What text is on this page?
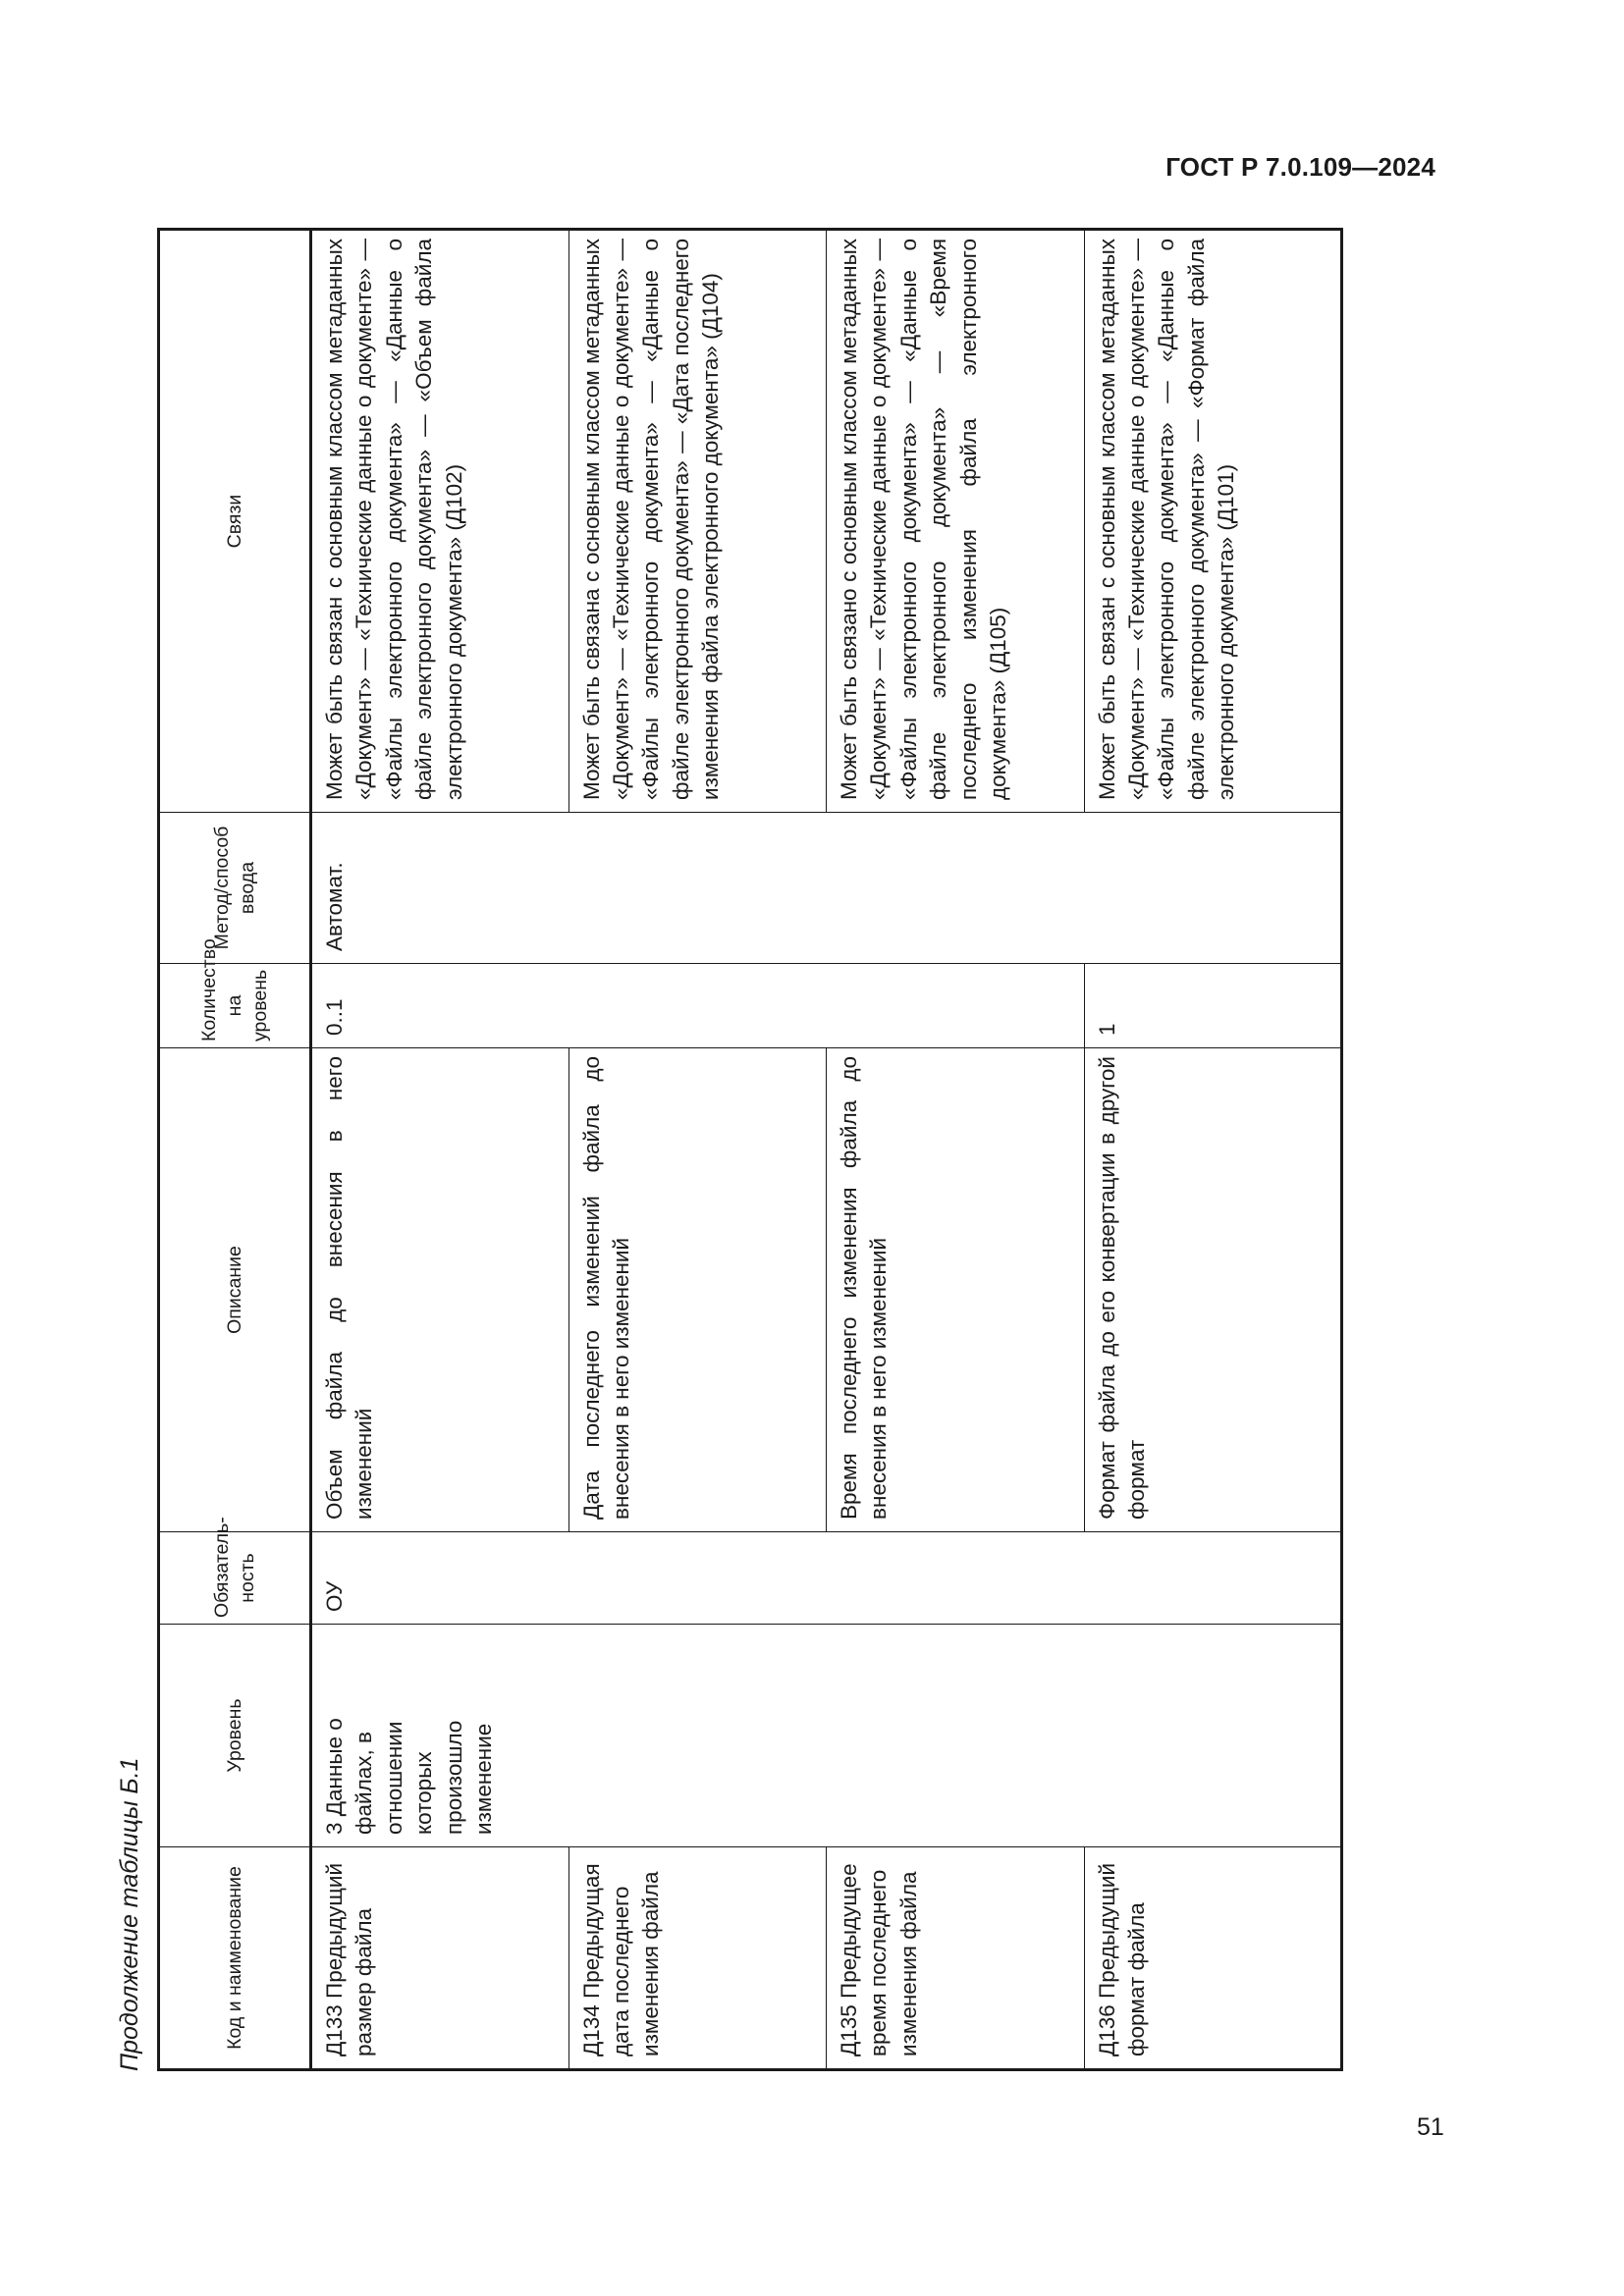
ГОСТ Р 7.0.109—2024
Продолжение таблицы Б.1	Код и наименование	Уровень	Обязатель-ность	Описание	Количество на уровень	Метод/способ ввода	Связи
Д133 Предыдущий размер файла	3 Данные о файлах, в отношении которых произошло изменение	ОУ	Объем файла до внесения в него изменений	0..1	Автомат.	Может быть связан с основным классом метаданных «Документ» — «Технические данные о документе» — «Файлы электронного документа» — «Данные о файле электронного документа» — «Объем файла электронного документа» (Д102)
Д134 Предыдущая дата последнего изменения файла			Дата последнего изменений файла до внесения в него изменений			Может быть связана с основным классом метаданных «Документ» — «Технические данные о документе» — «Файлы электронного документа» — «Данные о файле электронного документа» — «Дата последнего изменения файла электронного документа» (Д104)
Д135 Предыдущее время последнего изменения файла			Время последнего изменения файла до внесения в него изменений			Может быть связано с основным классом метаданных «Документ» — «Технические данные о документе» — «Файлы электронного документа» — «Данные о файле электронного документа» — «Время последнего изменения файла электронного документа» (Д105)
Д136 Предыдущий формат файла			Формат файла до его конвертации в другой формат	1		Может быть связан с основным классом метаданных «Документ» — «Технические данные о документе» — «Файлы электронного документа» — «Данные о файле электронного документа» — «Формат файла электронного документа» (Д101)
51
